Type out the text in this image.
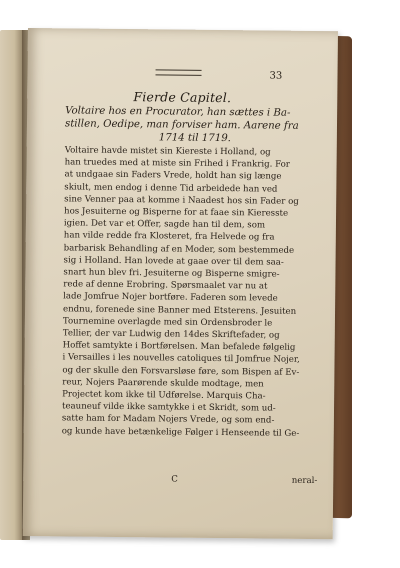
33
Fierde Capitel.
Voltaire hos en Procurator, han sættes i Ba-
stillen, Oedipe, man forviser ham. Aarene fra
1714 til 1719.
Voltaire havde mistet sin Kiereste i Holland, og
han truedes med at miste sin Frihed i Frankrig. For
at undgaae sin Faders Vrede, holdt han sig længe
skiult, men endog i denne Tid arbeidede han ved
sine Venner paa at komme i Naadest hos sin Fader og
hos Jesuiterne og Bisperne for at faae sin Kieresste
igien. Det var et Offer, sagde han til dem, som
han vilde redde fra Klosteret, fra Helvede og fra
barbarisk Behandling af en Moder, som bestemmede
sig i Holland. Han lovede at gaae over til dem saa-
snart hun blev fri. Jesuiterne og Bisperne smigre-
rede af denne Erobring. Spørsmaalet var nu at
lade Jomfrue Nojer bortføre. Faderen som levede
endnu, forenede sine Banner med Etsterens. Jesuiten
Tournemine overlagde med sin Ordensbroder le
Tellier, der var Ludwig den 14des Skriftefader, og
Hoffet samtykte i Bortførelsen. Man befalede følgelig
i Versailles i les nouvelles catoliques til Jomfrue Nojer,
og der skulle den Forsvarsløse føre, som Bispen af Ev-
reur, Nojers Paarørende skulde modtage, men
Projectet kom ikke til Udførelse. Marquis Cha-
teauneuf vilde ikke samtykke i et Skridt, som ud-
satte ham for Madam Nojers Vrede, og som end-
og kunde have betænkelige Følger i Henseende til Ge-
C	neral-
